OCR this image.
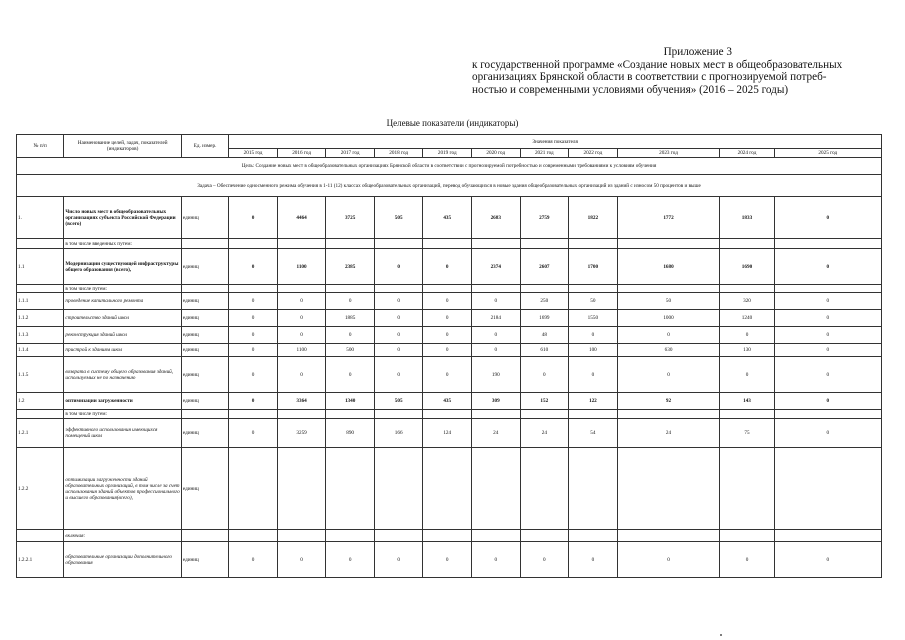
Приложение 3
к государственной программе «Создание новых мест в общеобразовательных
организациях Брянской области в соответствии с прогнозируемой потреб-
ностью и современными условиями обучения» (2016 – 2025 годы)
Целевые показатели (индикаторы)
№ п/п	Наименование целей, задач, показателей (индикаторов)	Ед. измер.	Значения показателя										
			2015 год	2016 год	2017 год	2018 год	2019 год	2020 год	2021 год	2022 год	2023 год	2024 год	2025 год
Цель: Создание новых мест в общеобразовательных организациях Брянской области в соответствии с прогнозируемой потребностью и современными требованиями к условиям обучения													
Задача – Обеспечение односменного режима обучения в 1-11 (12) классах общеобразовательных организаций, перевод обучающихся в новые здания общеобразовательных организаций из зданий с износом 50 процентов и выше													
1.	Число новых мест в общеобразовательных организациях субъекта Российской Федерации (всего)	единиц	0	4464	3725	505	435	2683	2759	1822	1772	1833	0
	в том числе введенных путем:												
1.1	Модернизации существующей инфраструктуры общего образования (всего),	единиц	0	1100	2385	0	0	2374	2607	1700	1680	1690	0
	в том числе путем:												
1.1.1	проведение капитального ремонта	единиц	0	0	0	0	0	0	250	50	50	320	0
1.1.2	строительство зданий школ	единиц	0	0	1885	0	0	2184	1699	1550	1000	1240	0
1.1.3	реконструкция зданий школ	единиц	0	0	0	0	0	0	48	0	0	0	0
1.1.4	пристрой к зданиям школ	единиц	0	1100	500	0	0	0	610	100	630	130	0
1.1.5	возврата в систему общего образования зданий, используемых не по назначению	единиц	0	0	0	0	0	190	0	0	0	0	0
1.2	оптимизации загруженности	единиц	0	3364	1340	505	435	309	152	122	92	143	0
	в том числе путем:												
1.2.1	эффективного использования имеющихся помещений школ	единиц	0	3259	890	166	124	24	24	54	24	75	0
1.2.2	оптимизации загруженности зданий образовательных организаций, в том числе за счет использования зданий объектов профессионального и высшего образования(всего),	единиц											
	включая:												
1.2.2.1	образовательные организации дополнительного образования	единиц	0	0	0	0	0	0	0	0	0	0	0
